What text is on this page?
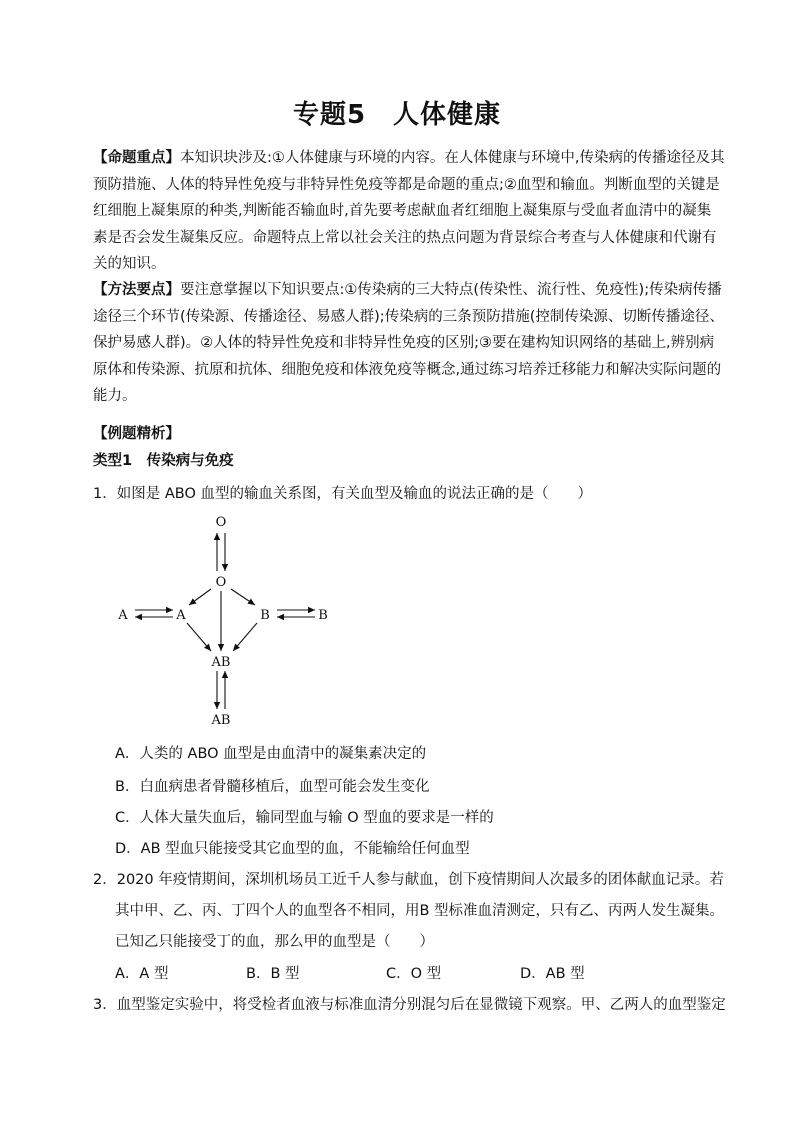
专题5　人体健康
【命题重点】本知识块涉及:①人体健康与环境的内容。在人体健康与环境中,传染病的传播途径及其
预防措施、人体的特异性免疫与非特异性免疫等都是命题的重点;②血型和输血。判断血型的关键是
红细胞上凝集原的种类,判断能否输血时,首先要考虑献血者红细胞上凝集原与受血者血清中的凝集
素是否会发生凝集反应。命题特点上常以社会关注的热点问题为背景综合考查与人体健康和代谢有
关的知识。
【方法要点】要注意掌握以下知识要点:①传染病的三大特点(传染性、流行性、免疫性);传染病传播
途径三个环节(传染源、传播途径、易感人群);传染病的三条预防措施(控制传染源、切断传播途径、
保护易感人群)。②人体的特异性免疫和非特异性免疫的区别;③要在建构知识网络的基础上,辨别病
原体和传染源、抗原和抗体、细胞免疫和体液免疫等概念,通过练习培养迁移能力和解决实际问题的
能力。
【例题精析】
类型1　传染病与免疫
1．如图是 ABO 血型的输血关系图，有关血型及输血的说法正确的是（　　）
O
O
A	A	B	B
AB
AB
A．人类的 ABO 血型是由血清中的凝集素决定的
B．白血病患者骨髓移植后，血型可能会发生变化
C．人体大量失血后，输同型血与输 O 型血的要求是一样的
D．AB 型血只能接受其它血型的血，不能输给任何血型
2．2020 年疫情期间，深圳机场员工近千人参与献血，创下疫情期间人次最多的团体献血记录。若
其中甲、乙、丙、丁四个人的血型各不相同，用B 型标准血清测定，只有乙、丙两人发生凝集。
已知乙只能接受丁的血，那么甲的血型是（　　）
A．A 型	B．B 型	C．O 型	D．AB 型
3．血型鉴定实验中，将受检者血液与标准血清分别混匀后在显微镜下观察。甲、乙两人的血型鉴定
